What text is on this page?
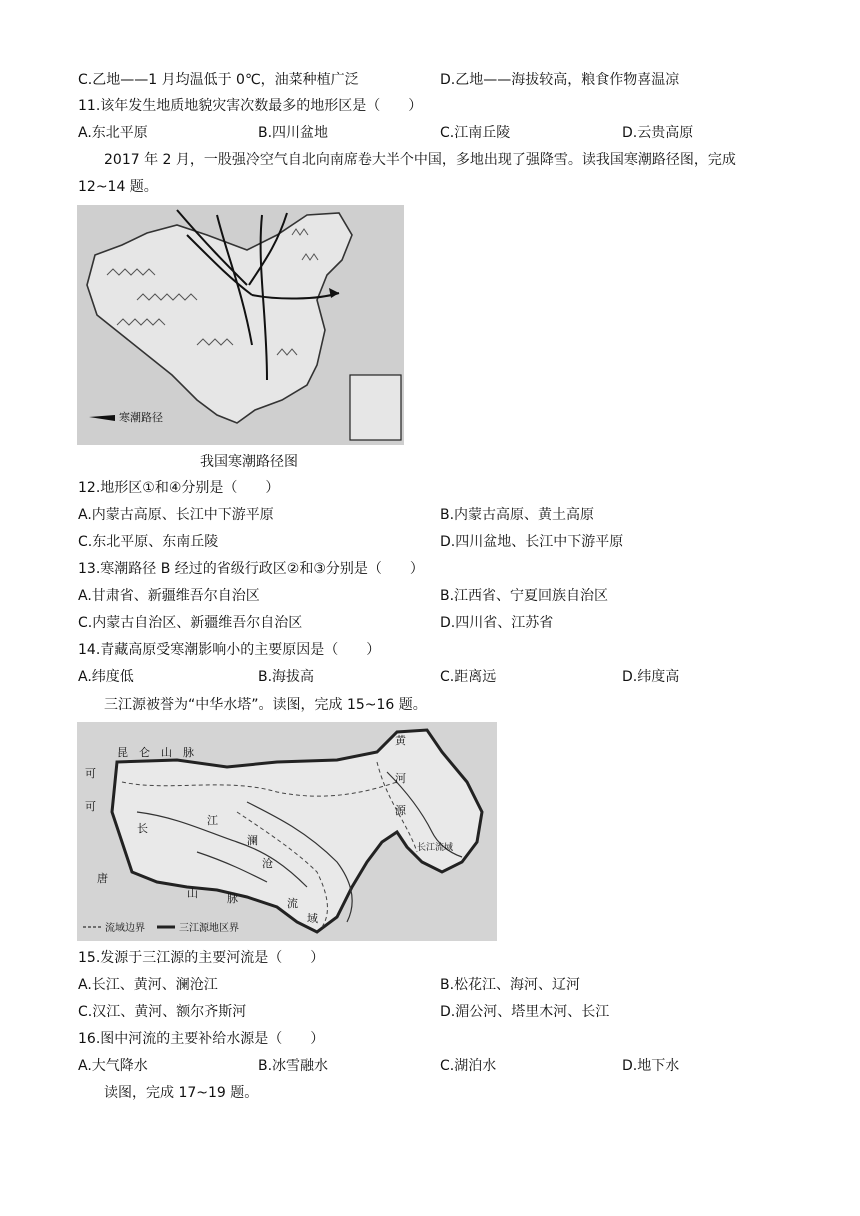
C.乙地——1 月均温低于 0℃，油菜种植广泛	D.乙地——海拔较高，粮食作物喜温凉
11.该年发生地质地貌灾害次数最多的地形区是（　　）
A.东北平原	B.四川盆地	C.江南丘陵	D.云贵高原
2017 年 2 月，一股强冷空气自北向南席卷大半个中国，多地出现了强降雪。读我国寒潮路径图，完成
12~14 题。
寒潮路径
我国寒潮路径图
12.地形区①和④分别是（　　）
A.内蒙古高原、长江中下游平原	B.内蒙古高原、黄土高原
C.东北平原、东南丘陵	D.四川盆地、长江中下游平原
13.寒潮路径 B 经过的省级行政区②和③分别是（　　）
A.甘肃省、新疆维吾尔自治区	B.江西省、宁夏回族自治区
C.内蒙古自治区、新疆维吾尔自治区	D.四川省、江苏省
14.青藏高原受寒潮影响小的主要原因是（　　）
A.纬度低	B.海拔高	C.距离远	D.纬度高
三江源被誉为“中华水塔”。读图，完成 15~16 题。
昆　仑　山　脉
可
可
唐
黄
河
源
长
江
澜
沧
流
域
山	脉
长江流域
流域边界	三江源地区界
15.发源于三江源的主要河流是（　　）
A.长江、黄河、澜沧江	B.松花江、海河、辽河
C.汉江、黄河、额尔齐斯河	D.湄公河、塔里木河、长江
16.图中河流的主要补给水源是（　　）
A.大气降水	B.冰雪融水	C.湖泊水	D.地下水
读图，完成 17~19 题。
